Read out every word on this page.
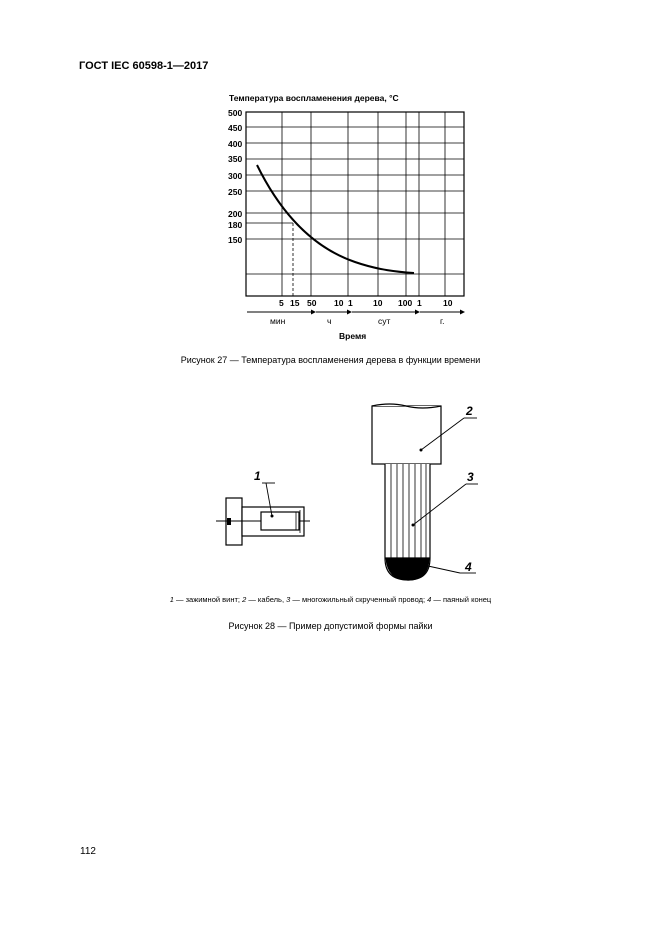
ГОСТ IEC 60598-1—2017
Температура воспламенения дерева, °С
500
450
400
350
300
250
200
180
150
5 15 50 10 1 10 100 1	10
мин	ч	сут	г.
Время
1
2
3
4
Рисунок 27 — Температура воспламенения дерева в функции времени
1 — зажимной винт; 2 — кабель, 3 — многожильный скрученный провод; 4 — паяный конец
Рисунок 28 — Пример допустимой формы пайки
112
